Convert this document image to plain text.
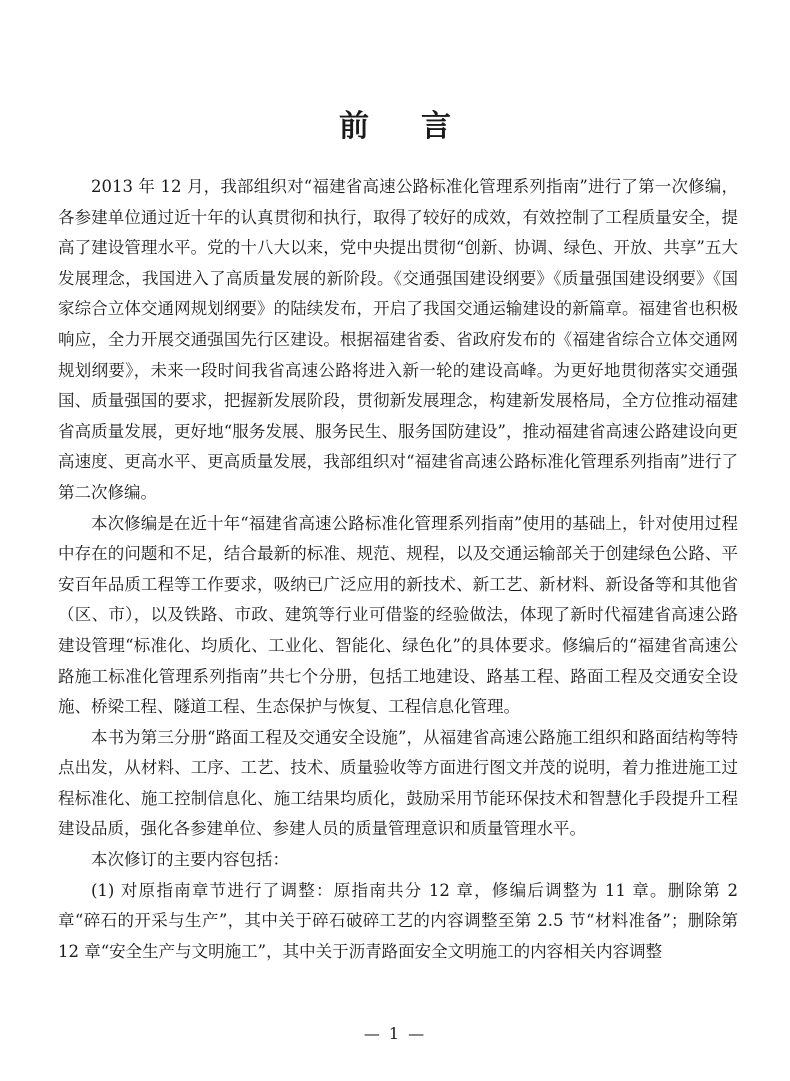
前言

2013 年 12 月，我部组织对“福建省高速公路标准化管理系列指南”进行了第一次修编，各参建单位通过近十年的认真贯彻和执行，取得了较好的成效，有效控制了工程质量安全，提高了建设管理水平。党的十八大以来，党中央提出贯彻“创新、协调、绿色、开放、共享”五大发展理念，我国进入了高质量发展的新阶段。《交通强国建设纲要》《质量强国建设纲要》《国家综合立体交通网规划纲要》的陆续发布，开启了我国交通运输建设的新篇章。福建省也积极响应，全力开展交通强国先行区建设。根据福建省委、省政府发布的《福建省综合立体交通网规划纲要》，未来一段时间我省高速公路将进入新一轮的建设高峰。为更好地贯彻落实交通强国、质量强国的要求，把握新发展阶段，贯彻新发展理念，构建新发展格局，全方位推动福建省高质量发展，更好地“服务发展、服务民生、服务国防建设”，推动福建省高速公路建设向更高速度、更高水平、更高质量发展，我部组织对“福建省高速公路标准化管理系列指南”进行了第二次修编。

本次修编是在近十年“福建省高速公路标准化管理系列指南”使用的基础上，针对使用过程中存在的问题和不足，结合最新的标准、规范、规程，以及交通运输部关于创建绿色公路、平安百年品质工程等工作要求，吸纳已广泛应用的新技术、新工艺、新材料、新设备等和其他省（区、市），以及铁路、市政、建筑等行业可借鉴的经验做法，体现了新时代福建省高速公路建设管理“标准化、均质化、工业化、智能化、绿色化”的具体要求。修编后的“福建省高速公路施工标准化管理系列指南”共七个分册，包括工地建设、路基工程、路面工程及交通安全设施、桥梁工程、隧道工程、生态保护与恢复、工程信息化管理。

本书为第三分册“路面工程及交通安全设施”，从福建省高速公路施工组织和路面结构等特点出发，从材料、工序、工艺、技术、质量验收等方面进行图文并茂的说明，着力推进施工过程标准化、施工控制信息化、施工结果均质化，鼓励采用节能环保技术和智慧化手段提升工程建设品质，强化各参建单位、参建人员的质量管理意识和质量管理水平。

本次修订的主要内容包括：

(1) 对原指南章节进行了调整：原指南共分 12 章，修编后调整为 11 章。删除第 2 章“碎石的开采与生产”，其中关于碎石破碎工艺的内容调整至第 2.5 节“材料准备”；删除第 12 章“安全生产与文明施工”，其中关于沥青路面安全文明施工的内容相关内容调整

— 1 —
